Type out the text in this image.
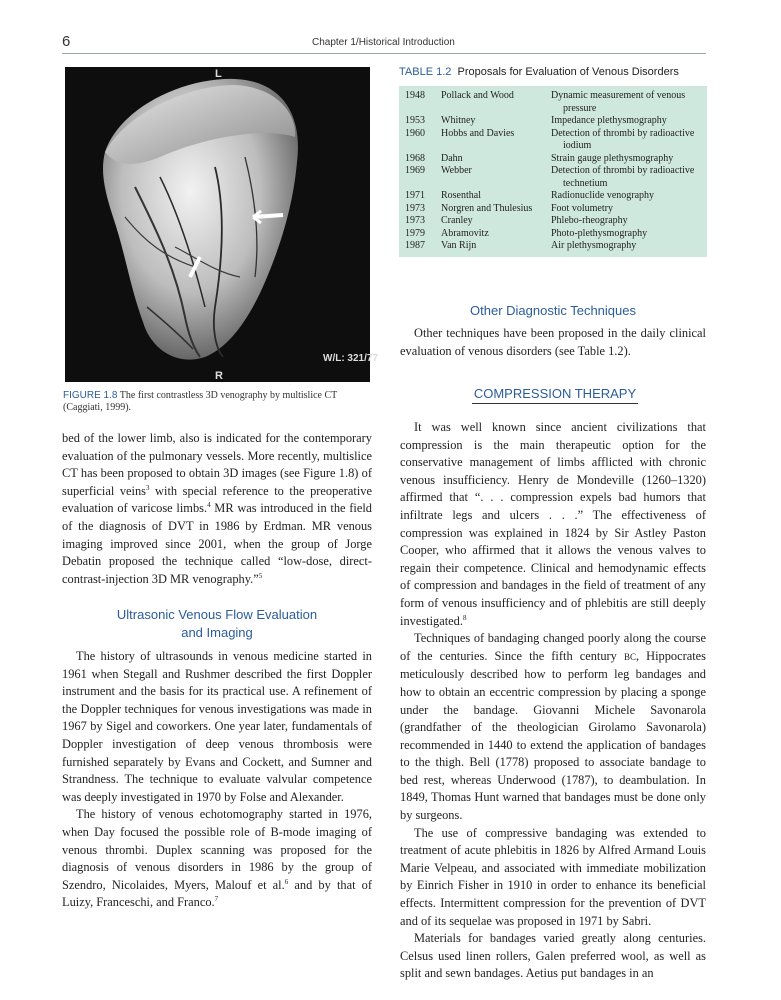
6	Chapter 1/Historical Introduction
L
R
W/L: 321/77
FIGURE 1.8 The first contrastless 3D venography by multislice CT (Caggiati, 1999).

bed of the lower limb, also is indicated for the contemporary evaluation of the pulmonary vessels. More recently, multislice CT has been proposed to obtain 3D images (see Figure 1.8) of superficial veins$^3$ with special reference to the preoperative evaluation of varicose limbs.$^4$ MR was introduced in the field of the diagnosis of DVT in 1986 by Erdman. MR venous imaging improved since 2001, when the group of Jorge Debatin proposed the technique called “low-dose, direct-contrast-injection 3D MR venography.”$^5$

Ultrasonic Venous Flow Evaluation
and Imaging

The history of ultrasounds in venous medicine started in 1961 when Stegall and Rushmer described the first Doppler instrument and the basis for its practical use. A refinement of the Doppler techniques for venous investigations was made in 1967 by Sigel and coworkers. One year later, fundamentals of Doppler investigation of deep venous thrombosis were furnished separately by Evans and Cockett, and Sumner and Strandness. The technique to evaluate valvular competence was deeply investigated in 1970 by Folse and Alexander.

The history of venous echotomography started in 1976, when Day focused the possible role of B-mode imaging of venous thrombi. Duplex scanning was proposed for the diagnosis of venous disorders in 1986 by the group of Szendro, Nicolaides, Myers, Malouf et al.$^6$ and by that of Luizy, Franceschi, and Franco.$^7$

TABLE 1.2 Proposals for Evaluation of Venous Disorders
1948	Pollack and Wood	Dynamic measurement of venous
pressure

1953	Whitney	Impedance plethysmography

1960	Hobbs and Davies	Detection of thrombi by radioactive
iodium

1968	Dahn	Strain gauge plethysmography

1969	Webber	Detection of thrombi by radioactive
technetium

1971	Rosenthal	Radionuclide venography

1973	Norgren and Thulesius	Foot volumetry

1973	Cranley	Phlebo-rheography

1979	Abramovitz	Photo-plethysmography

1987	Van Rijn	Air plethysmography
Other Diagnostic Techniques

Other techniques have been proposed in the daily clinical evaluation of venous disorders (see Table 1.2).

COMPRESSION THERAPY

It was well known since ancient civilizations that compression is the main therapeutic option for the conservative management of limbs afflicted with chronic venous insufficiency. Henry de Mondeville (1260–1320) affirmed that “. . . compression expels bad humors that infiltrate legs and ulcers . . .” The effectiveness of compression was explained in 1824 by Sir Astley Paston Cooper, who affirmed that it allows the venous valves to regain their competence. Clinical and hemodynamic effects of compression and bandages in the field of treatment of any form of venous insufficiency and of phlebitis are still deeply investigated.$^8$

Techniques of bandaging changed poorly along the course of the centuries. Since the fifth century BC, Hippocrates meticulously described how to perform leg bandages and how to obtain an eccentric compression by placing a sponge under the bandage. Giovanni Michele Savonarola (grandfather of the theologician Girolamo Savonarola) recommended in 1440 to extend the application of bandages to the thigh. Bell (1778) proposed to associate bandage to bed rest, whereas Underwood (1787), to deambulation. In 1849, Thomas Hunt warned that bandages must be done only by surgeons.

The use of compressive bandaging was extended to treatment of acute phlebitis in 1826 by Alfred Armand Louis Marie Velpeau, and associated with immediate mobilization by Einrich Fisher in 1910 in order to enhance its beneficial effects. Intermittent compression for the prevention of DVT and of its sequelae was proposed in 1971 by Sabri.

Materials for bandages varied greatly along centuries. Celsus used linen rollers, Galen preferred wool, as well as split and sewn bandages. Aetius put bandages in an
